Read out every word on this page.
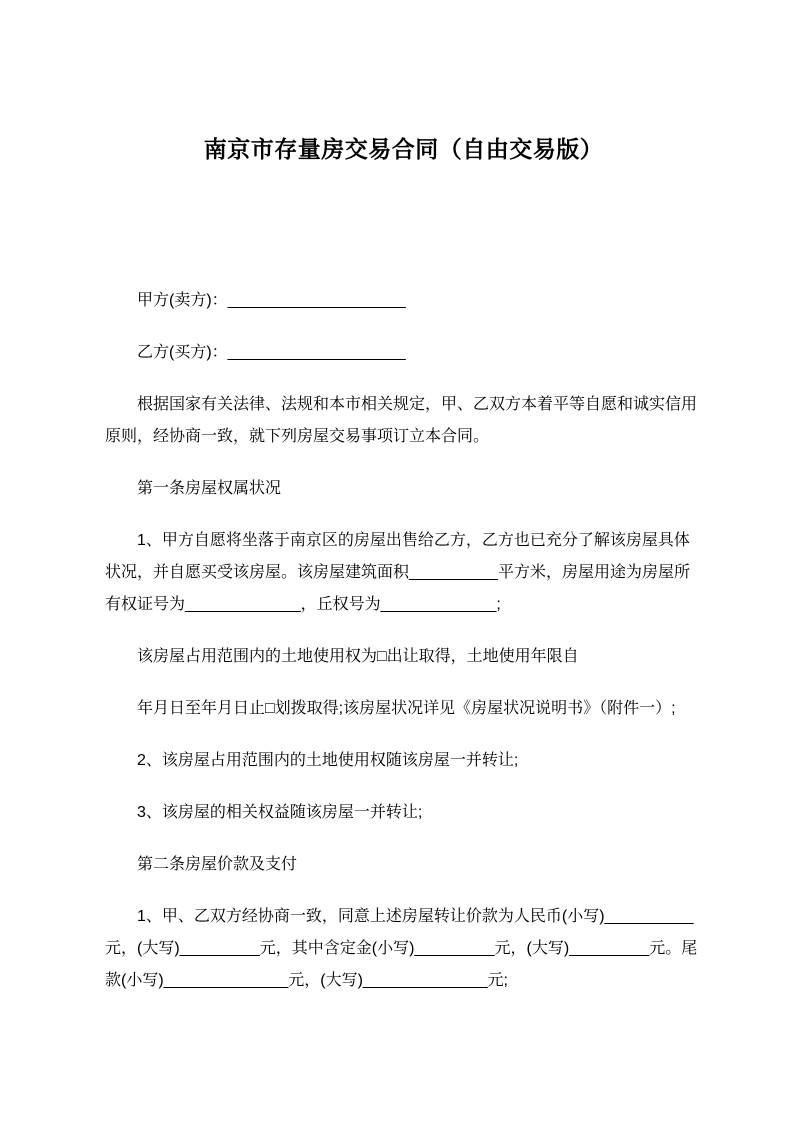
南京市存量房交易合同（自由交易版）

甲方(卖方)：____________________

乙方(买方)：____________________

根据国家有关法律、法规和本市相关规定，甲、乙双方本着平等自愿和诚实信用原则，经协商一致，就下列房屋交易事项订立本合同。

第一条房屋权属状况

1、甲方自愿将坐落于南京区的房屋出售给乙方，乙方也已充分了解该房屋具体状况，并自愿买受该房屋。该房屋建筑面积__________平方米，房屋用途为房屋所有权证号为_____________，丘权号为_____________;

该房屋占用范围内的土地使用权为□出让取得，土地使用年限自

年月日至年月日止□划拨取得;该房屋状况详见《房屋状况说明书》（附件一）;

2、该房屋占用范围内的土地使用权随该房屋一并转让;

3、该房屋的相关权益随该房屋一并转让;

第二条房屋价款及支付

1、甲、乙双方经协商一致，同意上述房屋转让价款为人民币(小写)__________元，(大写)_________元，其中含定金(小写)_________元，(大写)_________元。尾款(小写)______________元，(大写)______________元;
